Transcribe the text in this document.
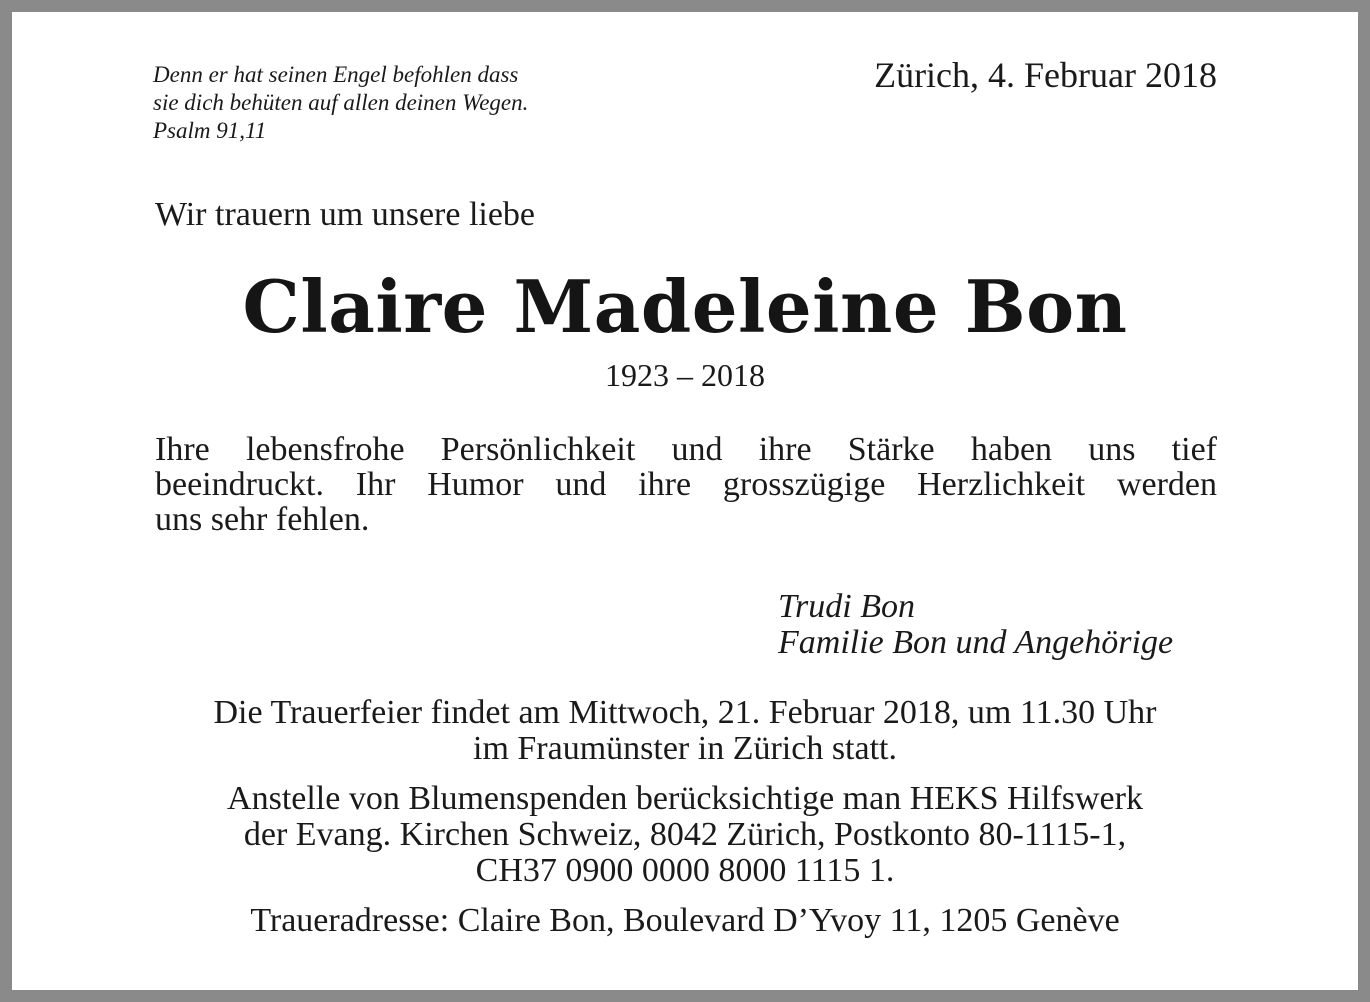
Denn er hat seinen Engel befohlen dass
sie dich behüten auf allen deinen Wegen.
Psalm 91,11
Zürich, 4. Februar 2018
Wir trauern um unsere liebe
Claire Madeleine Bon
1923 – 2018
Ihre lebensfrohe Persönlichkeit und ihre Stärke haben uns tief
beeindruckt. Ihr Humor und ihre grosszügige Herzlichkeit werden
uns sehr fehlen.
Trudi Bon
Familie Bon und Angehörige
Die Trauerfeier findet am Mittwoch, 21. Februar 2018, um 11.30 Uhr
im Fraumünster in Zürich statt.
Anstelle von Blumenspenden berücksichtige man HEKS Hilfswerk
der Evang. Kirchen Schweiz, 8042 Zürich, Postkonto 80-1115-1,
CH37 0900 0000 8000 1115 1.
Traueradresse: Claire Bon, Boulevard D’Yvoy 11, 1205 Genève
